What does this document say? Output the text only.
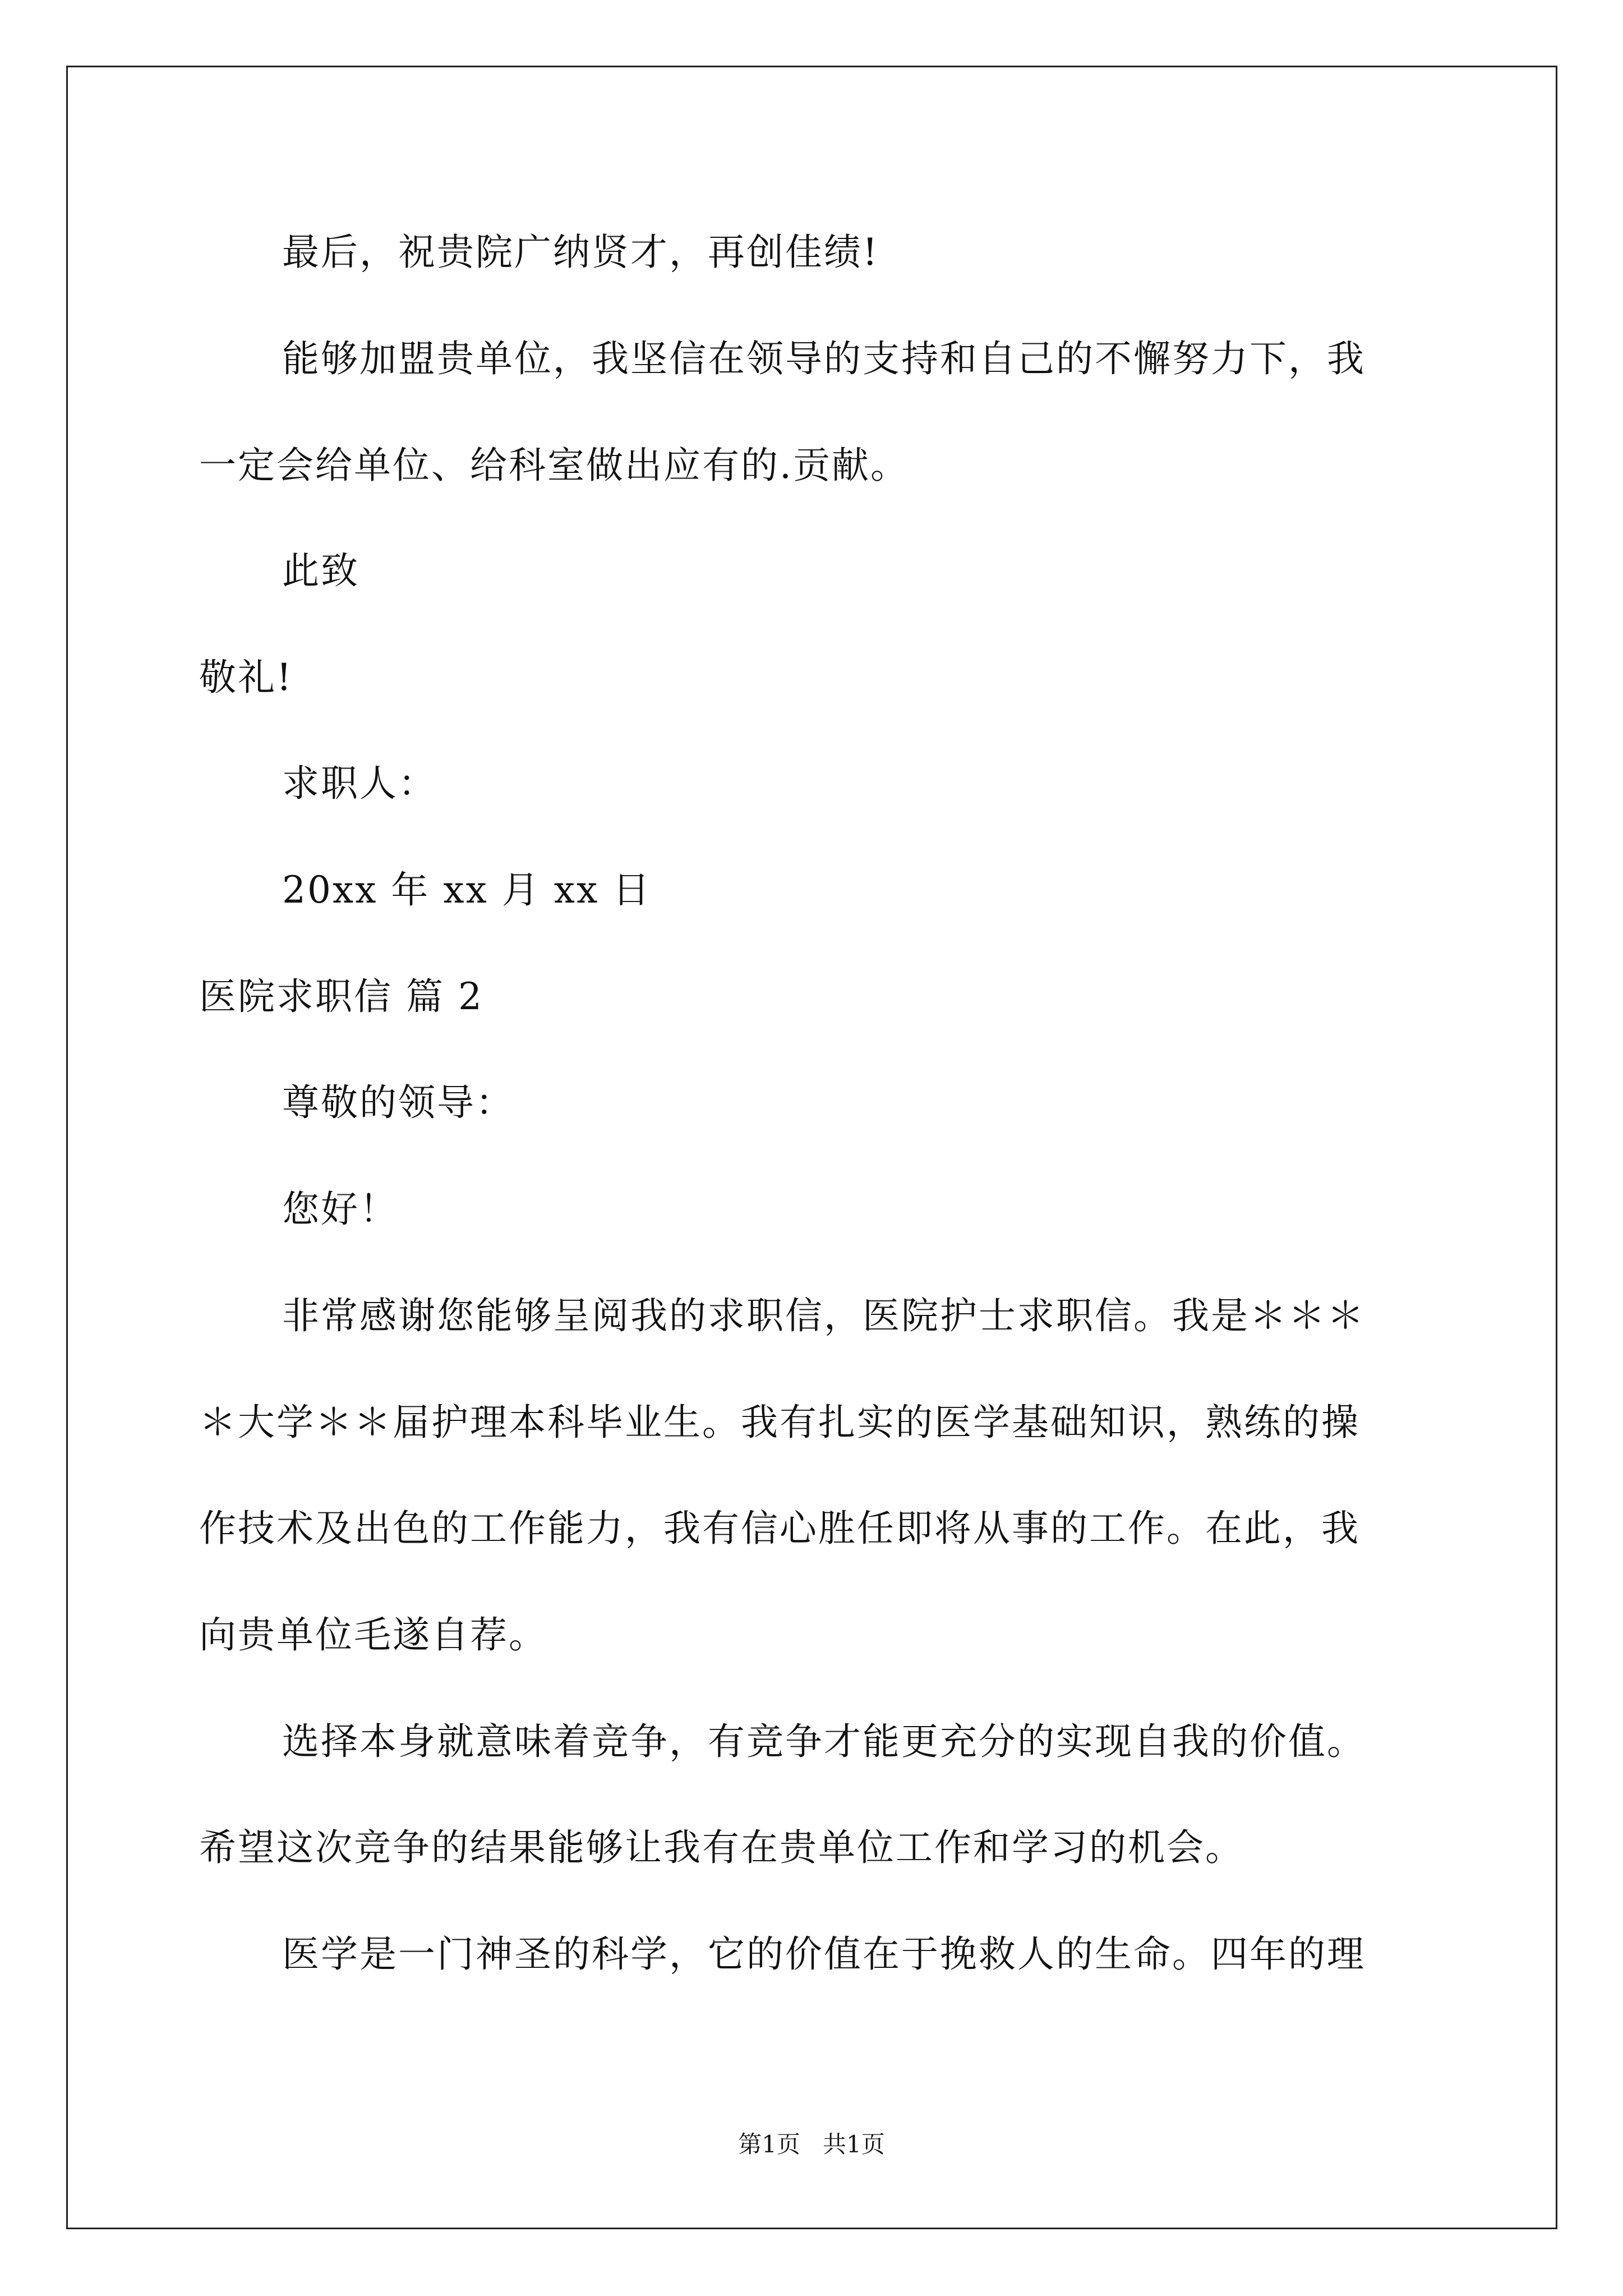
最后，祝贵院广纳贤才，再创佳绩!
能够加盟贵单位，我坚信在领导的支持和自己的不懈努力下，我
一定会给单位、给科室做出应有的.贡献。
此致
敬礼!
求职人：
20xx 年 xx 月 xx 日
医院求职信 篇 2
尊敬的领导：
您好！
非常感谢您能够呈阅我的求职信，医院护士求职信。我是＊＊＊
＊大学＊＊届护理本科毕业生。我有扎实的医学基础知识，熟练的操
作技术及出色的工作能力，我有信心胜任即将从事的工作。在此，我
向贵单位毛遂自荐。
选择本身就意味着竞争，有竞争才能更充分的实现自我的价值。
希望这次竞争的结果能够让我有在贵单位工作和学习的机会。
医学是一门神圣的科学，它的价值在于挽救人的生命。四年的理
第1页   共1页
